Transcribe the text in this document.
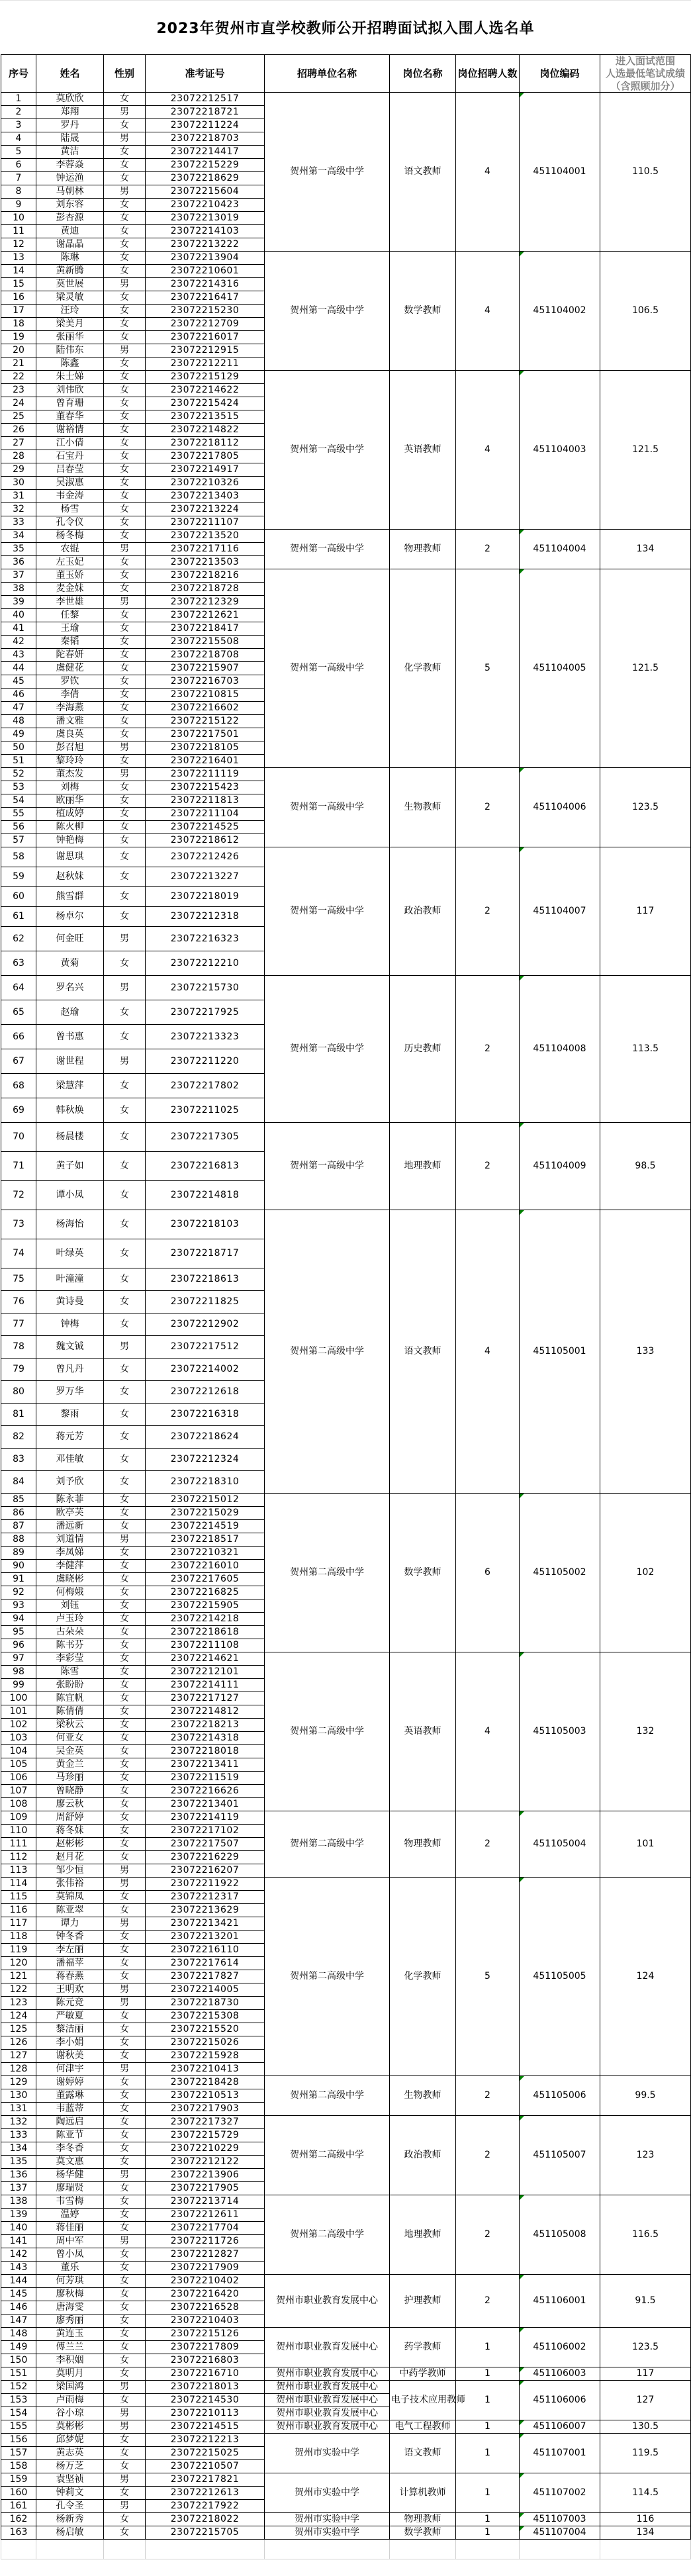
2023年贺州市直学校教师公开招聘面试拟入围人选名单
序号	姓名	性别	准考证号	招聘单位名称	岗位名称	岗位招聘人数	岗位编码	进入面试范围
人选最低笔试成绩
（含照顾加分）

1	莫欣欣	女	23072212517	贺州第一高级中学	语文教师	4	451104001	110.5
2	郑翔	男	23072218721					
3	罗丹	女	23072211224					
4	陆晟	男	23072218703					
5	黄洁	女	23072214417					
6	李蓉焱	女	23072215229					
7	钟运渔	女	23072218629					
8	马朝林	男	23072215604					
9	刘东容	女	23072210423					
10	彭杏源	女	23072213019					
11	黄迪	女	23072214103					
12	谢晶晶	女	23072213222					
13	陈琳	女	23072213904	贺州第一高级中学	数学教师	4	451104002	106.5
14	黄新腾	女	23072210601					
15	莫世展	男	23072214316					
16	梁灵敏	女	23072216417					
17	汪玲	女	23072215230					
18	梁美月	女	23072212709					
19	张丽华	女	23072216017					
20	陆伟东	男	23072212915					
21	陈鑫	女	23072212211					
22	朱士娣	女	23072215129	贺州第一高级中学	英语教师	4	451104003	121.5
23	刘伟欣	女	23072214622					
24	曾育珊	女	23072215424					
25	董春华	女	23072213515					
26	谢裕情	女	23072214822					
27	江小倩	女	23072218112					
28	石宝丹	女	23072217805					
29	吕春莹	女	23072214917					
30	吴淑惠	女	23072210326					
31	韦金涛	女	23072213403					
32	杨雪	女	23072213224					
33	孔令仪	女	23072211107					
34	杨冬梅	女	23072213520	贺州第一高级中学	物理教师	2	451104004	134
35	农锟	男	23072217116					
36	左玉妃	女	23072213503					
37	董玉娇	女	23072218216	贺州第一高级中学	化学教师	5	451104005	121.5
38	麦金妹	女	23072218728					
39	李世雄	男	23072212329					
40	任黎	女	23072212621					
41	王瑜	女	23072218417					
42	秦韬	女	23072215508					
43	陀春妍	女	23072218708					
44	虞健花	女	23072215907					
45	罗钦	女	23072216703					
46	李倩	女	23072210815					
47	李海燕	女	23072216602					
48	潘文雅	女	23072215122					
49	虞良英	女	23072217501					
50	彭召旭	男	23072218105					
51	黎玲玲	女	23072216401					
52	董杰发	男	23072211119	贺州第一高级中学	生物教师	2	451104006	123.5
53	刘梅	女	23072215423					
54	欧丽华	女	23072211813					
55	植成婷	女	23072211104					
56	陈火柳	女	23072214525					
57	钟艳梅	女	23072218612					
58	谢思琪	女	23072212426	贺州第一高级中学	政治教师	2	451104007	117
59	赵秋妹	女	23072213227					
60	熊雪群	女	23072218019					
61	杨卓尔	女	23072212318					
62	何金旺	男	23072216323					
63	黄菊	女	23072212210					
64	罗名兴	男	23072215730	贺州第一高级中学	历史教师	2	451104008	113.5
65	赵瑜	女	23072217925					
66	曾书惠	女	23072213323					
67	谢世程	男	23072211220					
68	梁慧萍	女	23072217802					
69	韩秋焕	女	23072211025					
70	杨晨楼	女	23072217305	贺州第一高级中学	地理教师	2	451104009	98.5
71	黄子如	女	23072216813					
72	谭小凤	女	23072214818					
73	杨海怡	女	23072218103	贺州第二高级中学	语文教师	4	451105001	133
74	叶绿英	女	23072218717					
75	叶潼潼	女	23072218613					
76	黄诗曼	女	23072211825					
77	钟梅	女	23072212902					
78	魏文铖	男	23072217512					
79	曾凡丹	女	23072214002					
80	罗万华	女	23072212618					
81	黎雨	女	23072216318					
82	蒋元芳	女	23072218624					
83	邓佳敏	女	23072212324					
84	刘予欣	女	23072218310					
85	陈永菲	女	23072215012	贺州第二高级中学	数学教师	6	451105002	102
86	欧亭芙	女	23072215029					
87	潘远新	女	23072214519					
88	刘道情	男	23072218517					
89	李凤娣	女	23072210321					
90	李健萍	女	23072216010					
91	虞晓彬	女	23072217605					
92	何梅娥	女	23072216825					
93	刘钰	女	23072215905					
94	卢玉玲	女	23072214218					
95	古朵朵	女	23072218618					
96	陈书芬	女	23072211108					
97	李彩莹	女	23072214621	贺州第二高级中学	英语教师	4	451105003	132
98	陈雪	女	23072212101					
99	张盼盼	女	23072214111					
100	陈宜帆	女	23072217127					
101	陈倩倩	女	23072214812					
102	梁秋云	女	23072218213					
103	何亚女	女	23072214318					
104	吴金英	女	23072218018					
105	黄金兰	女	23072213411					
106	马珍丽	女	23072211519					
107	曾晓静	女	23072216626					
108	廖云秋	女	23072213401					
109	周舒婷	女	23072214119	贺州第二高级中学	物理教师	2	451105004	101
110	蒋冬妹	女	23072217102					
111	赵彬彬	女	23072217507					
112	赵月花	女	23072216229					
113	邹少恒	男	23072216207					
114	张伟裕	男	23072211922	贺州第二高级中学	化学教师	5	451105005	124
115	莫锦凤	女	23072212317					
116	陈亚翠	女	23072213629					
117	谭力	男	23072213421					
118	钟冬香	女	23072213201					
119	李左丽	女	23072216110					
120	潘福苹	女	23072217614					
121	蒋春燕	女	23072217827					
122	王明欢	男	23072214005					
123	陈元竞	男	23072218730					
124	严敏夏	女	23072215308					
125	黎洁丽	女	23072215520					
126	李小娟	女	23072215026					
127	谢秋美	女	23072215928					
128	何津宇	男	23072210413					
129	谢婷婷	女	23072218428	贺州第二高级中学	生物教师	2	451105006	99.5
130	董露琳	女	23072210513					
131	韦蓝蒂	女	23072217903					
132	陶远启	女	23072217327	贺州第二高级中学	政治教师	2	451105007	123
133	陈亚节	女	23072215729					
134	李冬香	女	23072210229					
135	莫文惠	女	23072212122					
136	杨华健	男	23072213906					
137	廖瑞贤	女	23072217905					
138	韦雪梅	女	23072213714	贺州第二高级中学	地理教师	2	451105008	116.5
139	温婷	女	23072212611					
140	蒋佳丽	女	23072217704					
141	周中军	男	23072211726					
142	曾小凤	女	23072212827					
143	董乐	女	23072217909					
144	何芳琪	女	23072210402	贺州市职业教育发展中心	护理教师	2	451106001	91.5
145	廖秋梅	女	23072216420					
146	唐海雯	女	23072216528					
147	廖秀丽	女	23072210403					
148	黄连玉	女	23072215126	贺州市职业教育发展中心	药学教师	1	451106002	123.5
149	傅兰兰	女	23072217809					
150	李积姻	女	23072216803					
151	莫明月	女	23072216710	贺州市职业教育发展中心	中药学教师	1	451106003	117
152	梁国鸿	男	23072218013	贺州市职业教育发展中心	电子技术应用教师	1	451106006	127
153	卢雨梅	女	23072214530	贺州市职业教育发展中心				
154	谷小琼	男	23072210113	贺州市职业教育发展中心				
155	莫彬彬	男	23072214515	贺州市职业教育发展中心	电气工程教师	1	451106007	130.5
156	邱梦妮	女	23072212213	贺州市实验中学	语文教师	1	451107001	119.5
157	黄志英	女	23072215025					
158	杨万芝	女	23072210507					
159	袁坚祯	男	23072217821	贺州市实验中学	计算机教师	1	451107002	114.5
160	钟莉文	女	23072212613					
161	孔令圣	男	23072217922					
162	杨新秀	女	23072218022	贺州市实验中学	物理教师	1	451107003	116
163	杨启敏	女	23072215705	贺州市实验中学	数学教师	1	451107004	134
